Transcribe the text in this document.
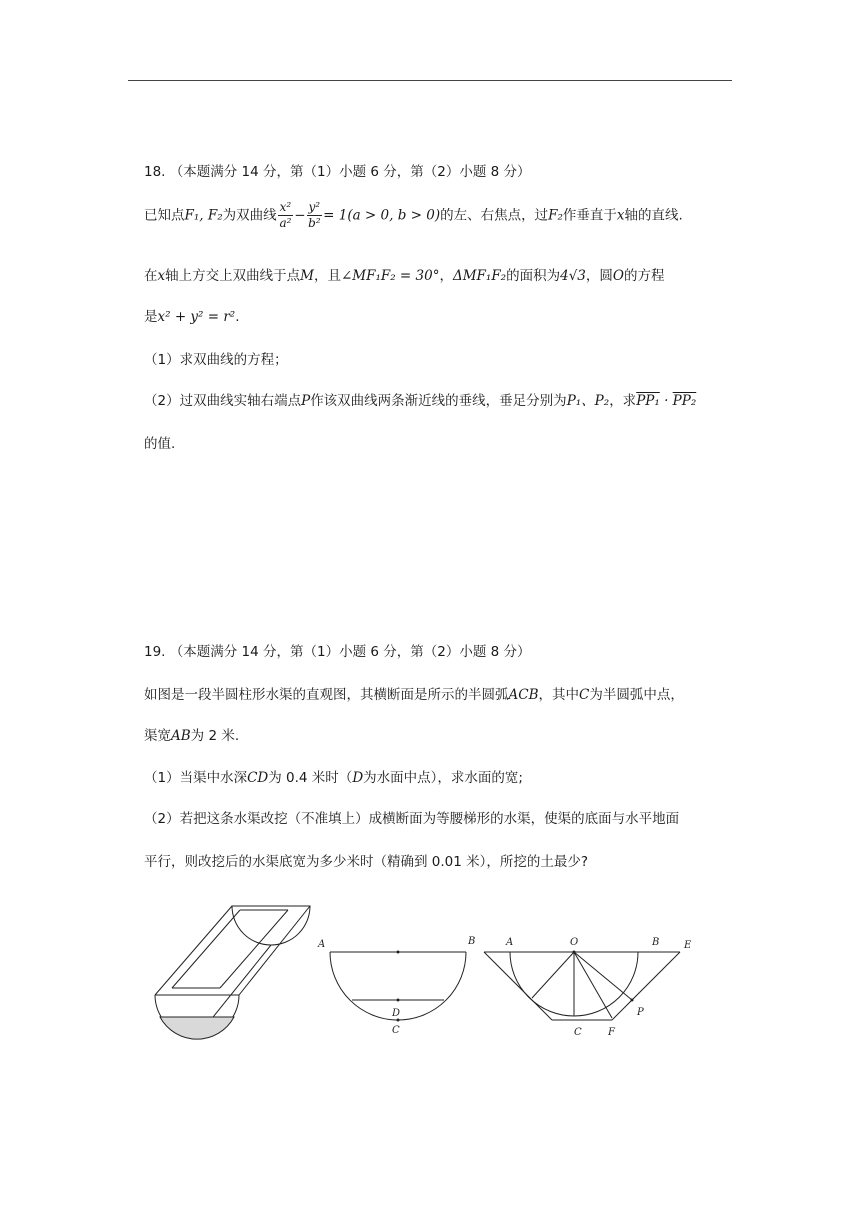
18. （本题满分 14 分，第（1）小题 6 分，第（2）小题 8 分）
已知点F₁, F₂为双曲线 $\frac{\text{x²}}{\text{a²}} - \frac{\text{y²}}{\text{b²}} = 1(a > 0$, b > 0)的左、右焦点，过F₂作垂直于x轴的直线.
在x轴上方交上双曲线于点M，且∠MF₁F₂ = 30°，ΔMF₁F₂的面积为4√3，圆O的方程
是x² + y² = r².
（1）求双曲线的方程；
（2）过双曲线实轴右端点P作该双曲线两条渐近线的垂线，垂足分别为P₁、P₂，求PP₁ · PP₂
的值.
19. （本题满分 14 分，第（1）小题 6 分，第（2）小题 8 分）
如图是一段半圆柱形水渠的直观图，其横断面是所示的半圆弧ACB，其中C为半圆弧中点，
渠宽AB为 2 米.
（1）当渠中水深CD为 0.4 米时（D为水面中点），求水面的宽;
（2）若把这条水渠改挖（不准填上）成横断面为等腰梯形的水渠，使渠的底面与水平地面
平行，则改挖后的水渠底宽为多少米时（精确到 0.01 米），所挖的土最少?
A	B
D
C
A	O	B E
P
C	F
